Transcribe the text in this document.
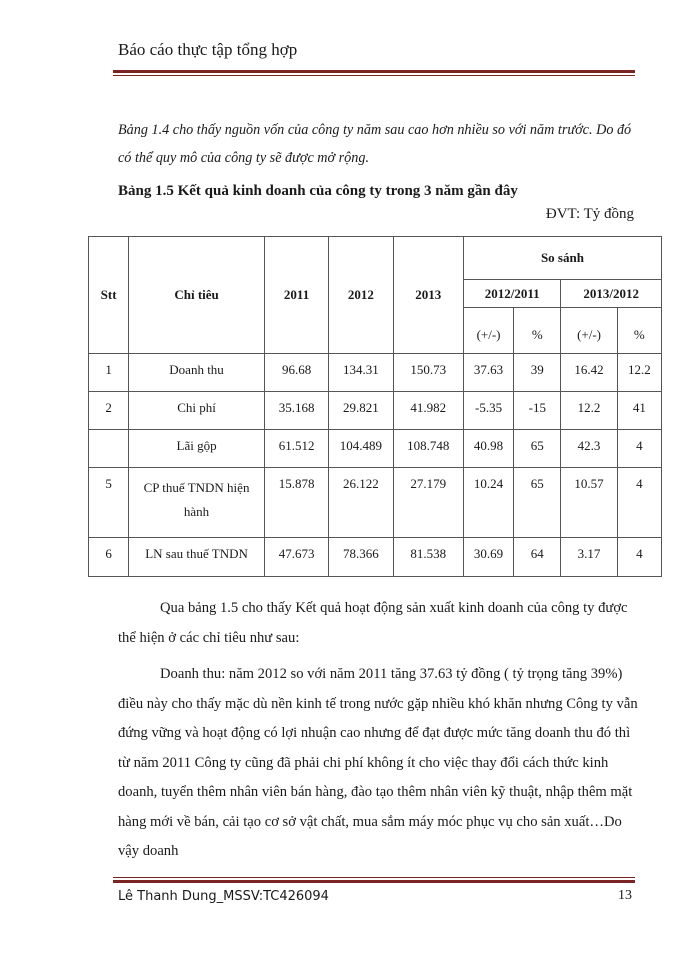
Báo cáo thực tập tổng hợp
Bảng 1.4 cho thấy nguồn vốn của công ty năm sau cao hơn nhiều so với năm trước. Do đó có thể quy mô của công ty sẽ được mở rộng.
Bảng 1.5 Kết quả kinh doanh của công ty trong 3 năm gần đây
ĐVT: Tỷ đồng
Stt	Chỉ tiêu	2011	2012	2013	So sánh			
					2012/2011		2013/2012	
					(+/-)	%	(+/-)	%
1	Doanh thu	96.68	134.31	150.73	37.63	39	16.42	12.2
2	Chi phí	35.168	29.821	41.982	-5.35	-15	12.2	41
	Lãi gộp	61.512	104.489	108.748	40.98	65	42.3	4
5	CP thuế TNDN hiện hành	15.878	26.122	27.179	10.24	65	10.57	4
6	LN sau thuế TNDN	47.673	78.366	81.538	30.69	64	3.17	4

Qua bảng 1.5 cho thấy Kết quả hoạt động sản xuất kinh doanh của công ty được thể hiện ở các chỉ tiêu như sau:

Doanh thu: năm 2012 so với năm 2011 tăng 37.63 tỷ đồng ( tỷ trọng tăng 39%) điều này cho thấy mặc dù nền kinh tế trong nước gặp nhiều khó khăn nhưng Công ty vẫn đứng vững và hoạt động có lợi nhuận cao nhưng để đạt được mức tăng doanh thu đó thì từ năm 2011 Công ty cũng đã phải chi phí không ít cho việc thay đổi cách thức kinh doanh, tuyển thêm nhân viên bán hàng, đào tạo thêm nhân viên kỹ thuật, nhập thêm mặt hàng mới về bán, cải tạo cơ sở vật chất, mua sắm máy móc phục vụ cho sản xuất…Do vậy doanh

Lê Thanh Dung_MSSV:TC426094	13
